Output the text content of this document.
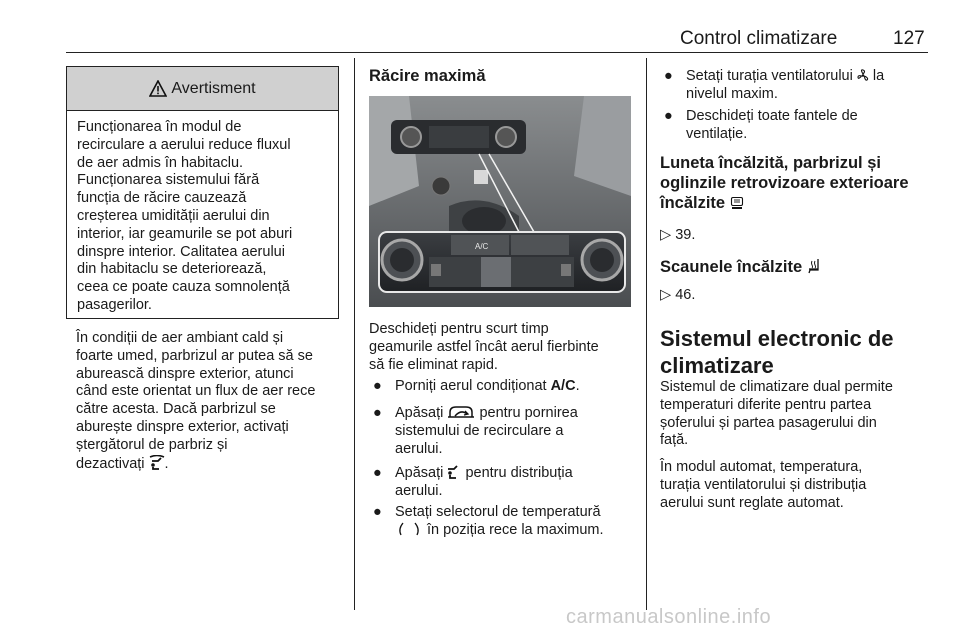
Control climatizare	127
Avertisment
Funcționarea în modul de
recirculare a aerului reduce fluxul
de aer admis în habitaclu.
Funcționarea sistemului fără
funcția de răcire cauzează
creșterea umidității aerului din
interior, iar geamurile se pot aburi
dinspre interior. Calitatea aerului
din habitaclu se deteriorează,
ceea ce poate cauza somnolență
pasagerilor.
În condiții de aer ambiant cald și
foarte umed, parbrizul ar putea să se
aburească dinspre exterior, atunci
când este orientat un flux de aer rece
către acesta. Dacă parbrizul se
aburește dinspre exterior, activați
ștergătorul de parbriz și
dezactivați .
Răcire maximă
A/C
Deschideți pentru scurt timp
geamurile astfel încât aerul fierbinte
să fie eliminat rapid.
● Porniți aerul condiționat A/C.
● Apăsați pentru pornirea
sistemului de recirculare a
aerului.
● Apăsați pentru distribuția
aerului.
● Setați selectorul de temperatură
în poziția rece la maximum.
● Setați turația ventilatorului la
nivelul maxim.
● Deschideți toate fantele de
ventilație.
Luneta încălzită, parbrizul și
oglinzile retrovizoare exterioare
încălzite
▷ 39.
Scaunele încălzite
▷ 46.
Sistemul electronic de
climatizare
Sistemul de climatizare dual permite
temperaturi diferite pentru partea
șoferului și partea pasagerului din
față.
În modul automat, temperatura,
turația ventilatorului și distribuția
aerului sunt reglate automat.
carmanualsonline.info
